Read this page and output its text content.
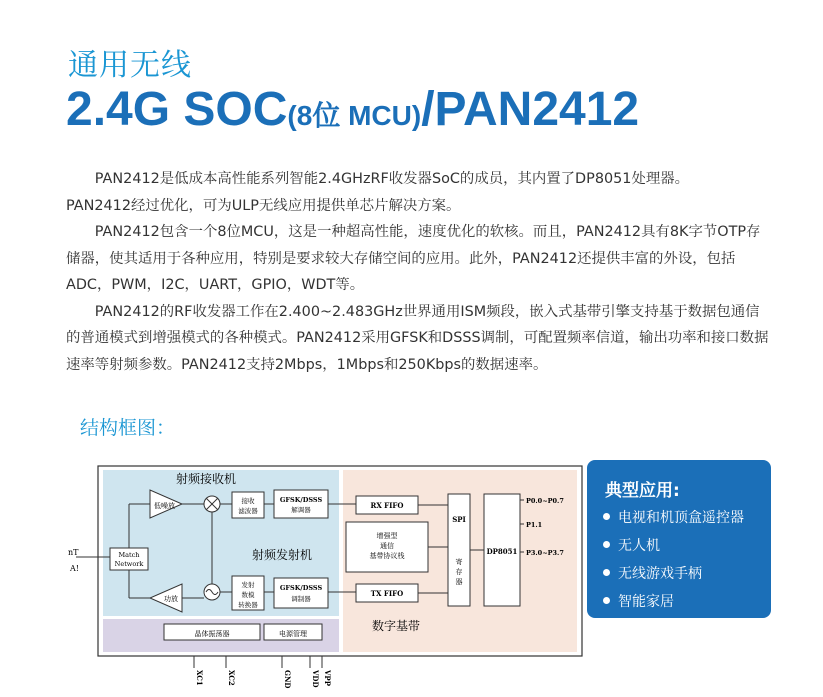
通用无线
2.4G SOC(8位 MCU)/PAN2412

PAN2412是低成本高性能系列智能2.4GHzRF收发器SoC的成员，其内置了DP8051处理器。

PAN2412经过优化，可为ULP无线应用提供单芯片解决方案。

PAN2412包含一个8位MCU，这是一种超高性能，速度优化的软核。而且，PAN2412具有8K字节OTP存储器，使其适用于各种应用，特别是要求较大存储空间的应用。此外，PAN2412还提供丰富的外设，包括ADC，PWM，I2C，UART，GPIO，WDT等。

PAN2412的RF收发器工作在2.400~2.483GHz世界通用ISM频段，嵌入式基带引擎支持基于数据包通信的普通模式到增强模式的各种模式。PAN2412采用GFSK和DSSS调制，可配置频率信道，输出功率和接口数据速率等射频参数。PAN2412支持2Mbps，1Mbps和250Kbps的数据速率。

结构框图：
射频接收机
射频发射机
数字基带
nT
A!
Match
Network
低噪放
接收
滤波器
GFSK/DSSS
解调器
发射
数模
转换器
GFSK/DSSS
调制器
功放
晶体振荡器	电源管理
RX FIFO
增强型
通信
基带协议栈
TX FIFO
SPI
寄
存
器
DP8051
P0.0~P0.7
P1.1
P3.0~P3.7
XC1	XC2	GND	VDD VPP
典型应用:
电视和机顶盒遥控器
无人机
无线游戏手柄
智能家居
